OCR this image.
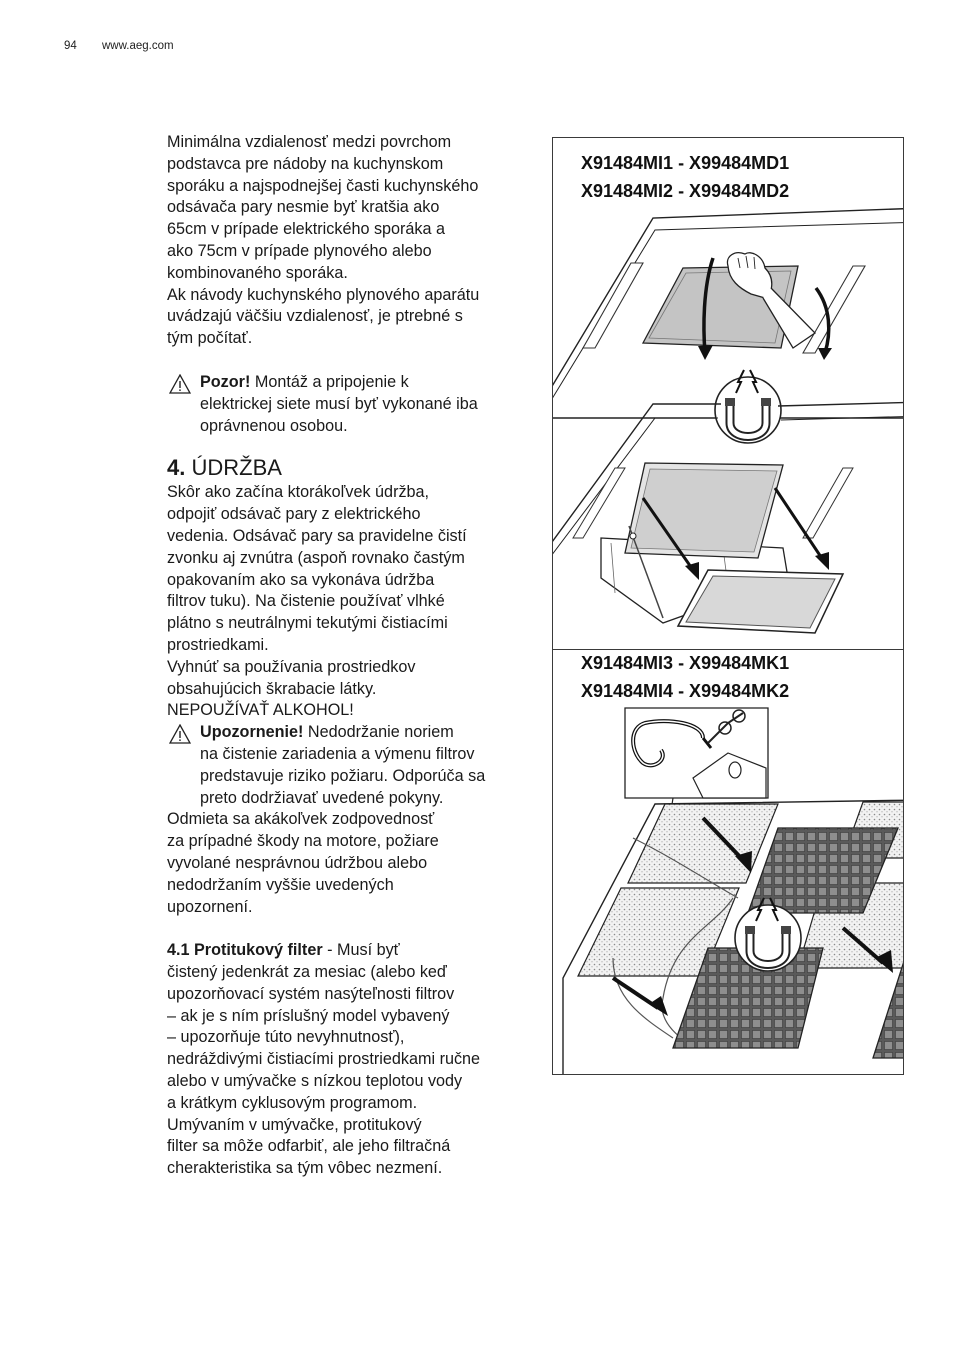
94 www.aeg.com

Minimálna vzdialenosť medzi povrchom

podstavca pre nádoby na kuchynskom

sporáku a najspodnejšej časti kuchynského

odsávača pary nesmie byť kratšia ako

65cm v prípade elektrického sporáka a

ako 75cm v prípade plynového alebo

kombinovaného sporáka.

Ak návody kuchynského plynového aparátu

uvádzajú väčšiu vzdialenosť, je ptrebné s

tým počítať.

Pozor! Montáž a pripojenie k

elektrickej siete musí byť vykonané iba

oprávnenou osobou.

4. ÚDRŽBA

Skôr ako začína ktorákoľvek údržba,

odpojiť odsávač pary z elektrického

vedenia. Odsávač pary sa pravidelne čistí

zvonku aj zvnútra (aspoň rovnako častým

opakovaním ako sa vykonáva údržba

filtrov tuku). Na čistenie používať vlhké

plátno s neutrálnymi tekutými čistiacími

prostriedkami.

Vyhnúť sa používania prostriedkov

obsahujúcich škrabacie látky.

NEPOUŽÍVAŤ ALKOHOL!

Upozornenie! Nedodržanie noriem

na čistenie zariadenia a výmenu filtrov

predstavuje riziko požiaru. Odporúča sa

preto dodržiavať uvedené pokyny.

Odmieta sa akákoľvek zodpovednosť

za prípadné škody na motore, požiare

vyvolané nesprávnou údržbou alebo

nedodržaním vyššie uvedených

upozornení.

4.1 Protitukový filter - Musí byť

čistený jedenkrát za mesiac (alebo keď

upozorňovací systém nasýteľnosti filtrov

– ak je s ním príslušný model vybavený

– upozorňuje túto nevyhnutnosť),

nedráždivými čistiacími prostriedkami ručne

alebo v umývačke s nízkou teplotou vody

a krátkym cyklusovým programom.

Umývaním v umývačke, protitukový

filter sa môže odfarbiť, ale jeho filtračná

cherakteristika sa tým vôbec nezmení.

X91484MI1 - X99484MD1
X91484MI2 - X99484MD2
X91484MI3 - X99484MK1
X91484MI4 - X99484MK2
